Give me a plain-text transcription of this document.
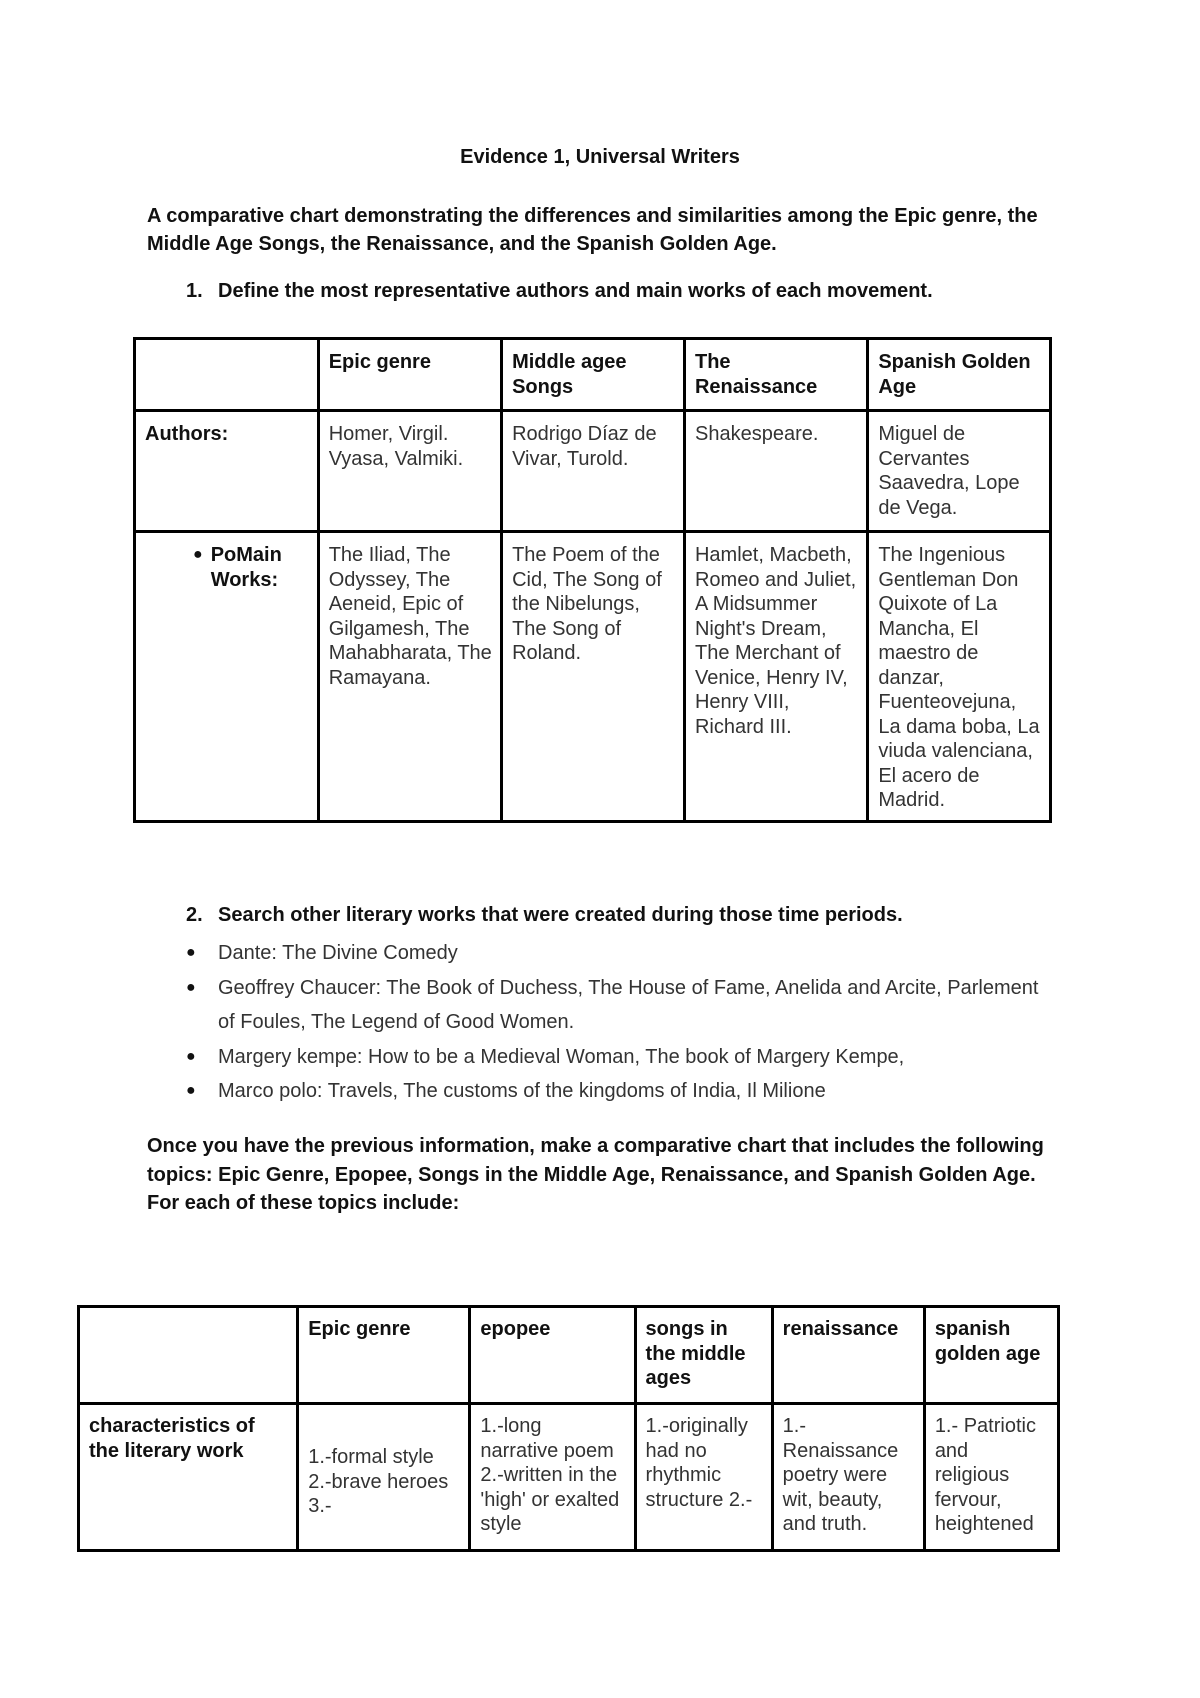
Evidence 1, Universal Writers
A comparative chart demonstrating the differences and similarities among the Epic genre, the Middle Age Songs, the Renaissance, and the Spanish Golden Age.
1. Define the most representative authors and main works of each movement.
	Epic genre	Middle agee Songs	The Renaissance	Spanish Golden Age
Authors:	Homer, Virgil. Vyasa, Valmiki.	Rodrigo Díaz de Vivar, Turold.	Shakespeare.	Miguel de Cervantes Saavedra, Lope de Vega.

● PoMain Works:	The Iliad, The Odyssey, The Aeneid, Epic of Gilgamesh, The Mahabharata, The Ramayana.	The Poem of the Cid, The Song of the Nibelungs, The Song of Roland.	Hamlet, Macbeth, Romeo and Juliet, A Midsummer Night's Dream, The Merchant of Venice, Henry IV, Henry VIII, Richard III.	The Ingenious Gentleman Don Quixote of La Mancha, El maestro de danzar, Fuenteovejuna, La dama boba, La viuda valenciana, El acero de Madrid.
2. Search other literary works that were created during those time periods.
● Dante: The Divine Comedy
● Geoffrey Chaucer: The Book of Duchess, The House of Fame, Anelida and Arcite, Parlement of Foules, The Legend of Good Women.
● Margery kempe: How to be a Medieval Woman, The book of Margery Kempe,
● Marco polo: Travels, The customs of the kingdoms of India, Il Milione
Once you have the previous information, make a comparative chart that includes the following topics: Epic Genre, Epopee, Songs in the Middle Age, Renaissance, and Spanish Golden Age.
For each of these topics include:
	Epic genre	epopee	songs in the middle ages	renaissance	spanish golden age
characteristics of the literary work	1.-formal style 2.-brave heroes 3.-	1.-long narrative poem 2.-written in the 'high' or exalted style	1.-originally had no rhythmic structure 2.-	1.- Renaissance poetry were wit, beauty, and truth.	1.- Patriotic and religious fervour, heightened
